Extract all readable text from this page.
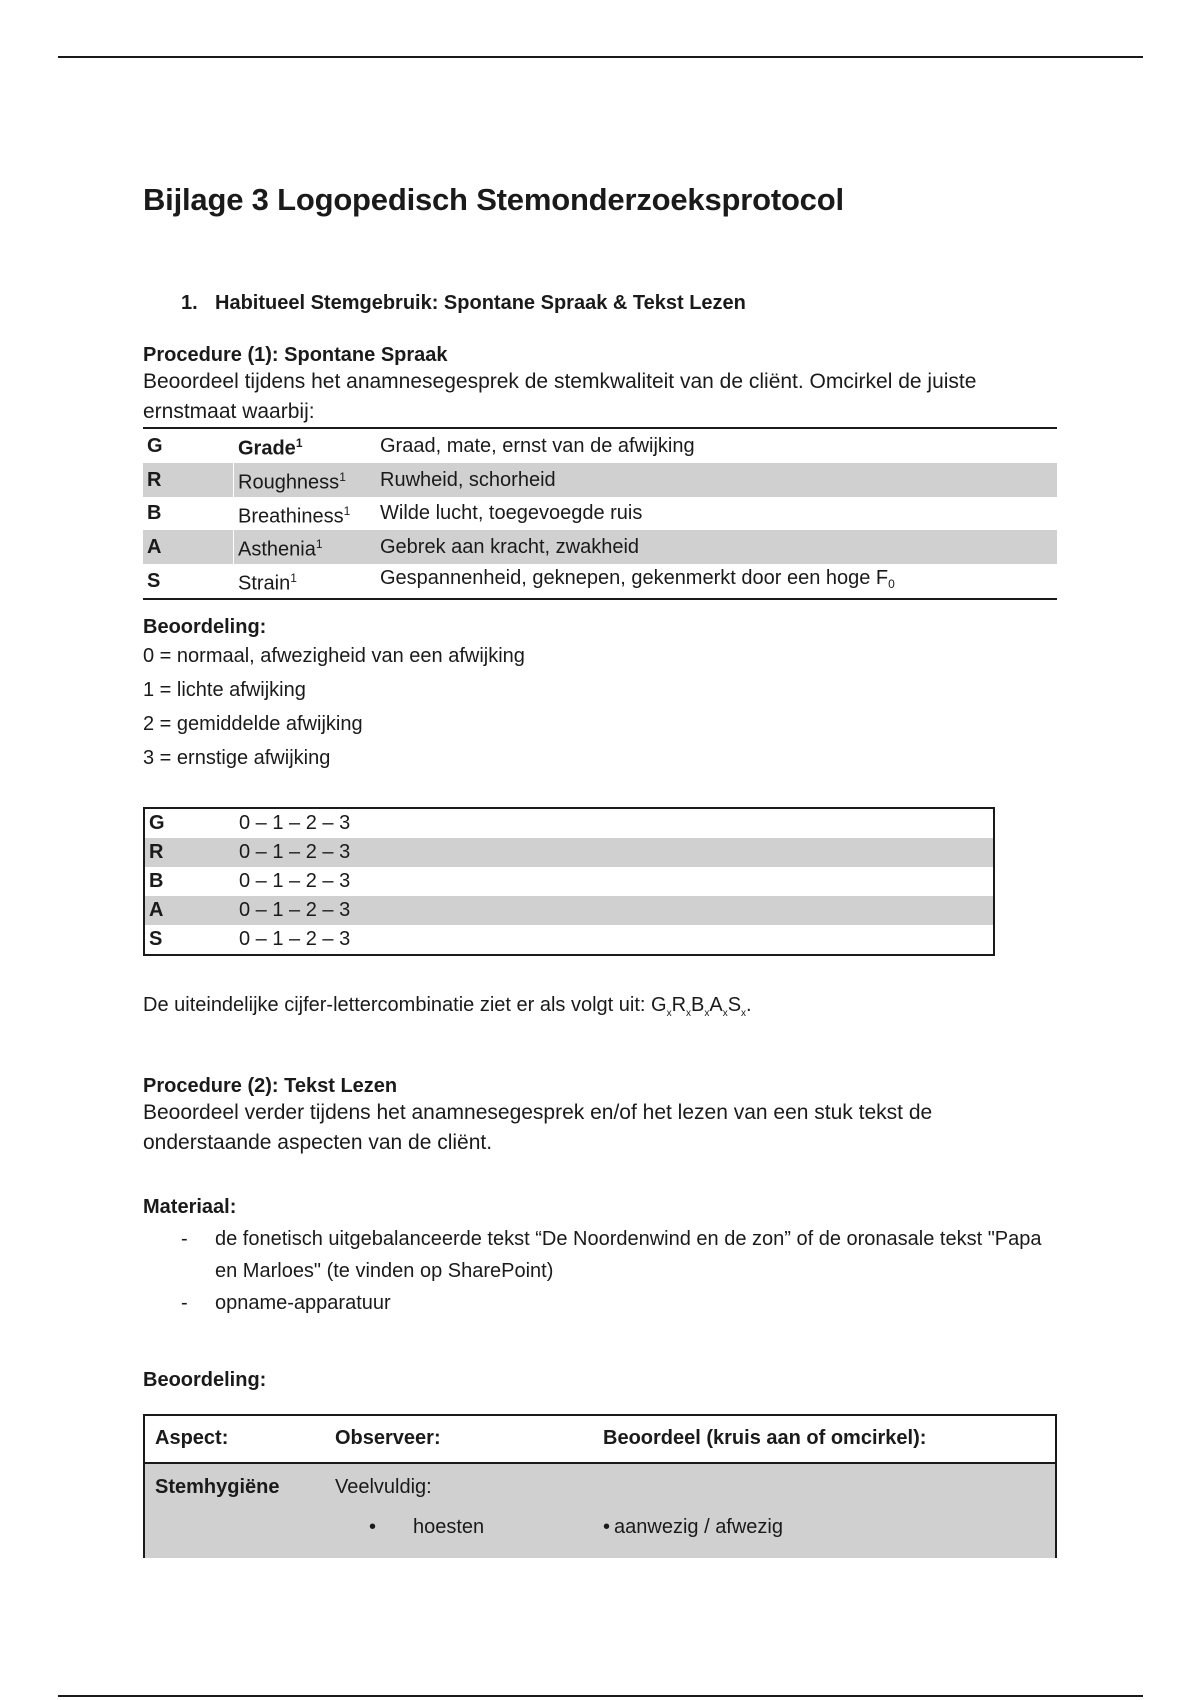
Bijlage 3 Logopedisch Stemonderzoeksprotocol
1. Habitueel Stemgebruik: Spontane Spraak & Tekst Lezen

Procedure (1): Spontane Spraak

Beoordeel tijdens het anamnesegesprek de stemkwaliteit van de cliënt. Omcirkel de juiste ernstmaat waarbij:

G	Grade$^1$	Graad, mate, ernst van de afwijking
R	Roughness$^1$	Ruwheid, schorheid
B	Breathiness$^1$	Wilde lucht, toegevoegde ruis
A	Asthenia$^1$	Gebrek aan kracht, zwakheid
S	Strain$^1$	Gespannenheid, geknepen, gekenmerkt door een hoge $F_0$

Beoordeling:

0 = normaal, afwezigheid van een afwijking
1 = lichte afwijking
2 = gemiddelde afwijking
3 = ernstige afwijking
G	0 – 1 – 2 – 3
R	0 – 1 – 2 – 3
B	0 – 1 – 2 – 3
A	0 – 1 – 2 – 3
S	0 – 1 – 2 – 3

De uiteindelijke cijfer-lettercombinatie ziet er als volgt uit: $G_xR_xB_xA_xS_x$.

Procedure (2): Tekst Lezen

Beoordeel verder tijdens het anamnesegesprek en/of het lezen van een stuk tekst de onderstaande aspecten van de cliënt.

Materiaal:

- de fonetisch uitgebalanceerde tekst “De Noordenwind en de zon” of de oronasale tekst "Papa en Marloes" (te vinden op SharePoint)
- opname-apparatuur

Beoordeling:

Aspect:	Observeer:	Beoordeel (kruis aan of omcirkel):
Stemhygiëne	Veelvuldig:	
	• hoesten	• aanwezig / afwezig
